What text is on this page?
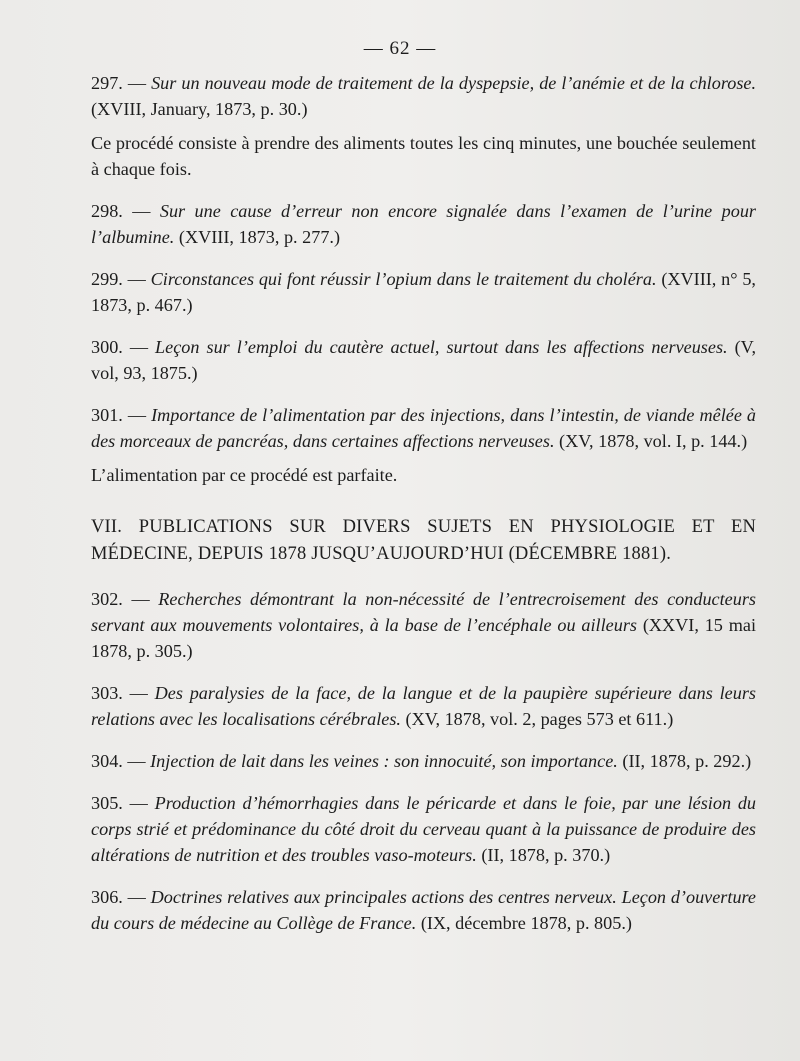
— 62 —

297. — Sur un nouveau mode de traitement de la dyspepsie, de l’anémie et de la chlorose. (XVIII, January, 1873, p. 30.)

Ce procédé consiste à prendre des aliments toutes les cinq minutes, une bouchée seulement à chaque fois.

298. — Sur une cause d’erreur non encore signalée dans l’examen de l’urine pour l’albumine. (XVIII, 1873, p. 277.)

299. — Circonstances qui font réussir l’opium dans le traitement du choléra. (XVIII, n° 5, 1873, p. 467.)

300. — Leçon sur l’emploi du cautère actuel, surtout dans les affections nerveuses. (V, vol, 93, 1875.)

301. — Importance de l’alimentation par des injections, dans l’intestin, de viande mêlée à des morceaux de pancréas, dans certaines affections nerveuses. (XV, 1878, vol. I, p. 144.)

L’alimentation par ce procédé est parfaite.

VII. PUBLICATIONS SUR DIVERS SUJETS EN PHYSIOLOGIE ET EN MÉDECINE, DEPUIS 1878 JUSQU’AUJOURD’HUI (DÉCEMBRE 1881).

302. — Recherches démontrant la non-nécessité de l’entrecroisement des conducteurs servant aux mouvements volontaires, à la base de l’encéphale ou ailleurs (XXVI, 15 mai 1878, p. 305.)

303. — Des paralysies de la face, de la langue et de la paupière supérieure dans leurs relations avec les localisations cérébrales. (XV, 1878, vol. 2, pages 573 et 611.)

304. — Injection de lait dans les veines : son innocuité, son importance. (II, 1878, p. 292.)

305. — Production d’hémorrhagies dans le péricarde et dans le foie, par une lésion du corps strié et prédominance du côté droit du cerveau quant à la puissance de produire des altérations de nutrition et des troubles vaso-moteurs. (II, 1878, p. 370.)

306. — Doctrines relatives aux principales actions des centres nerveux. Leçon d’ouverture du cours de médecine au Collège de France. (IX, décembre 1878, p. 805.)
